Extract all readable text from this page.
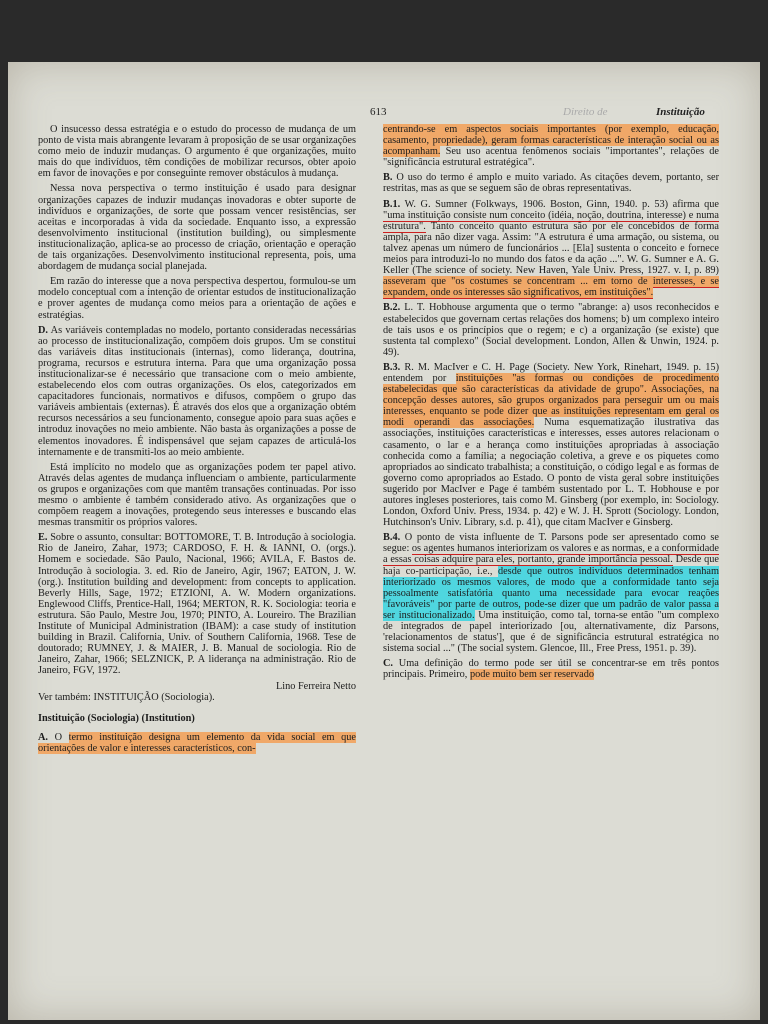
Direito de
613	Instituição

O insucesso dessa estratégia e o estudo do processo de mudança de um ponto de vista mais abrangente levaram à proposição de se usar organizações como meio de induzir mudanças. O argumento é que organizações, muito mais do que indivíduos, têm condições de mobilizar recursos, obter apoio em favor de inovações e por conseguinte remover obstáculos à mudança.

Nessa nova perspectiva o termo instituição é usado para designar organizações capazes de induzir mudanças inovadoras e obter suporte de indivíduos e organizações, de sorte que possam vencer resistências, ser aceitas e incorporadas à vida da sociedade. Enquanto isso, a expressão desenvolvimento institucional (institution building), ou simplesmente institucionalização, aplica-se ao processo de criação, orientação e operação de tais organizações. Desenvolvimento institucional representa, pois, uma abordagem de mudança social planejada.

Em razão do interesse que a nova perspectiva despertou, formulou-se um modelo conceptual com a intenção de orientar estudos de institucionalização e prover agentes de mudança como meios para a orientação de ações e estratégias.

D. As variáveis contempladas no modelo, portanto consideradas necessárias ao processo de institucionalização, compõem dois grupos. Um se constitui das variáveis ditas institucionais (internas), como liderança, doutrina, programa, recursos e estrutura interna. Para que uma organização possa institucionalizar-se é necessário que transacione com o meio ambiente, estabelecendo elos com outras organizações. Os elos, categorizados em capacitadores funcionais, normativos e difusos, compõem o grupo das variáveis ambientais (externas). É através dos elos que a organização obtém recursos necessários a seu funcionamento, consegue apoio para suas ações e introduz inovações no meio ambiente. Não basta às organizações a posse de elementos inovadores. É indispensável que sejam capazes de articulá-los internamente e de transmiti-los ao meio ambiente.

Está implícito no modelo que as organizações podem ter papel ativo. Através delas agentes de mudança influenciam o ambiente, particularmente os grupos e organizações com que mantêm transações continuadas. Por isso mesmo o ambiente é também considerado ativo. As organizações que o compõem reagem a inovações, protegendo seus interesses e buscando elas mesmas transmitir os próprios valores.

E. Sobre o assunto, consultar: BOTTOMORE, T. B. Introdução à sociologia. Rio de Janeiro, Zahar, 1973; CARDOSO, F. H. & IANNI, O. (orgs.). Homem e sociedade. São Paulo, Nacional, 1966; AVILA, F. Bastos de. Introdução à sociologia. 3. ed. Rio de Janeiro, Agir, 1967; EATON, J. W. (org.). Institution building and development: from concepts to application. Beverly Hills, Sage, 1972; ETZIONI, A. W. Modern organizations. Englewood Cliffs, Prentice-Hall, 1964; MERTON, R. K. Sociologia: teoria e estrutura. São Paulo, Mestre Jou, 1970; PINTO, A. Loureiro. The Brazilian Institute of Municipal Administration (IBAM): a case study of institution building in Brazil. California, Univ. of Southern California, 1968. Tese de doutorado; RUMNEY, J. & MAIER, J. B. Manual de sociologia. Rio de Janeiro, Zahar, 1966; SELZNICK, P. A liderança na administração. Rio de Janeiro, FGV, 1972.

Lino Ferreira Netto

Ver também: INSTITUIÇÃO (Sociologia).

Instituição (Sociologia) (Institution)

A. O termo instituição designa um elemento da vida social em que orientações de valor e interesses característicos, con-

centrando-se em aspectos sociais importantes (por exemplo, educação, casamento, propriedade), geram formas características de interação social ou as acompanham. Seu uso acentua fenômenos sociais "importantes", relações de "significância estrutural estratégica".

B. O uso do termo é amplo e muito variado. As citações devem, portanto, ser restritas, mas as que se seguem são de obras representativas.

B.1. W. G. Sumner (Folkways, 1906. Boston, Ginn, 1940. p. 53) afirma que "uma instituição consiste num conceito (idéia, noção, doutrina, interesse) e numa estrutura". Tanto conceito quanto estrutura são por ele concebidos de forma ampla, para não dizer vaga. Assim: "A estrutura é uma armação, ou sistema, ou talvez apenas um número de funcionários ... [Ela] sustenta o conceito e fornece meios para introduzi-lo no mundo dos fatos e da ação ...". W. G. Sumner e A. G. Keller (The science of society. New Haven, Yale Univ. Press, 1927. v. I, p. 89) asseveram que "os costumes se concentram ... em torno de interesses, e se expandem, onde os interesses são significativos, em instituições".

B.2. L. T. Hobhouse argumenta que o termo "abrange: a) usos reconhecidos e estabelecidos que governam certas relações dos homens; b) um complexo inteiro de tais usos e os princípios que o regem; e c) a organização (se existe) que sustenta tal complexo" (Social development. London, Allen & Unwin, 1924. p. 49).

B.3. R. M. MacIver e C. H. Page (Society. New York, Rinehart, 1949. p. 15) entendem por instituições "as formas ou condições de procedimento estabelecidas que são características da atividade de grupo". Associações, na concepção desses autores, são grupos organizados para perseguir um ou mais interesses, enquanto se pode dizer que as instituições representam em geral os modi operandi das associações. Numa esquematização ilustrativa das associações, instituições características e interesses, esses autores relacionam o casamento, o lar e a herança como instituições apropriadas à associação conhecida como a família; a negociação coletiva, a greve e os piquetes como apropriados ao sindicato trabalhista; a constituição, o código legal e as formas de governo como apropriados ao Estado. O ponto de vista geral sobre instituições sugerido por MacIver e Page é também sustentado por L. T. Hobhouse e por autores ingleses posteriores, tais como M. Ginsberg (por exemplo, in: Sociology. London, Oxford Univ. Press, 1934. p. 42) e W. J. H. Sprott (Sociology. London, Hutchinson's Univ. Library, s.d. p. 41), que citam MacIver e Ginsberg.

B.4. O ponto de vista influente de T. Parsons pode ser apresentado como se segue: os agentes humanos interiorizam os valores e as normas, e a conformidade a essas coisas adquire para eles, portanto, grande importância pessoal. Desde que haja co-participação, i.e., desde que outros indivíduos determinados tenham interiorizado os mesmos valores, de modo que a conformidade tanto seja pessoalmente satisfatória quanto uma necessidade para evocar reações "favoráveis" por parte de outros, pode-se dizer que um padrão de valor passa a ser institucionalizado. Uma instituição, como tal, torna-se então "um complexo de integrados de papel interiorizado [ou, alternativamente, diz Parsons, 'relacionamentos de status'], que é de significância estrutural estratégica no sistema social ..." (The social system. Glencoe, Ill., Free Press, 1951. p. 39).

C. Uma definição do termo pode ser útil se concentrar-se em três pontos principais. Primeiro, pode muito bem ser reservado
